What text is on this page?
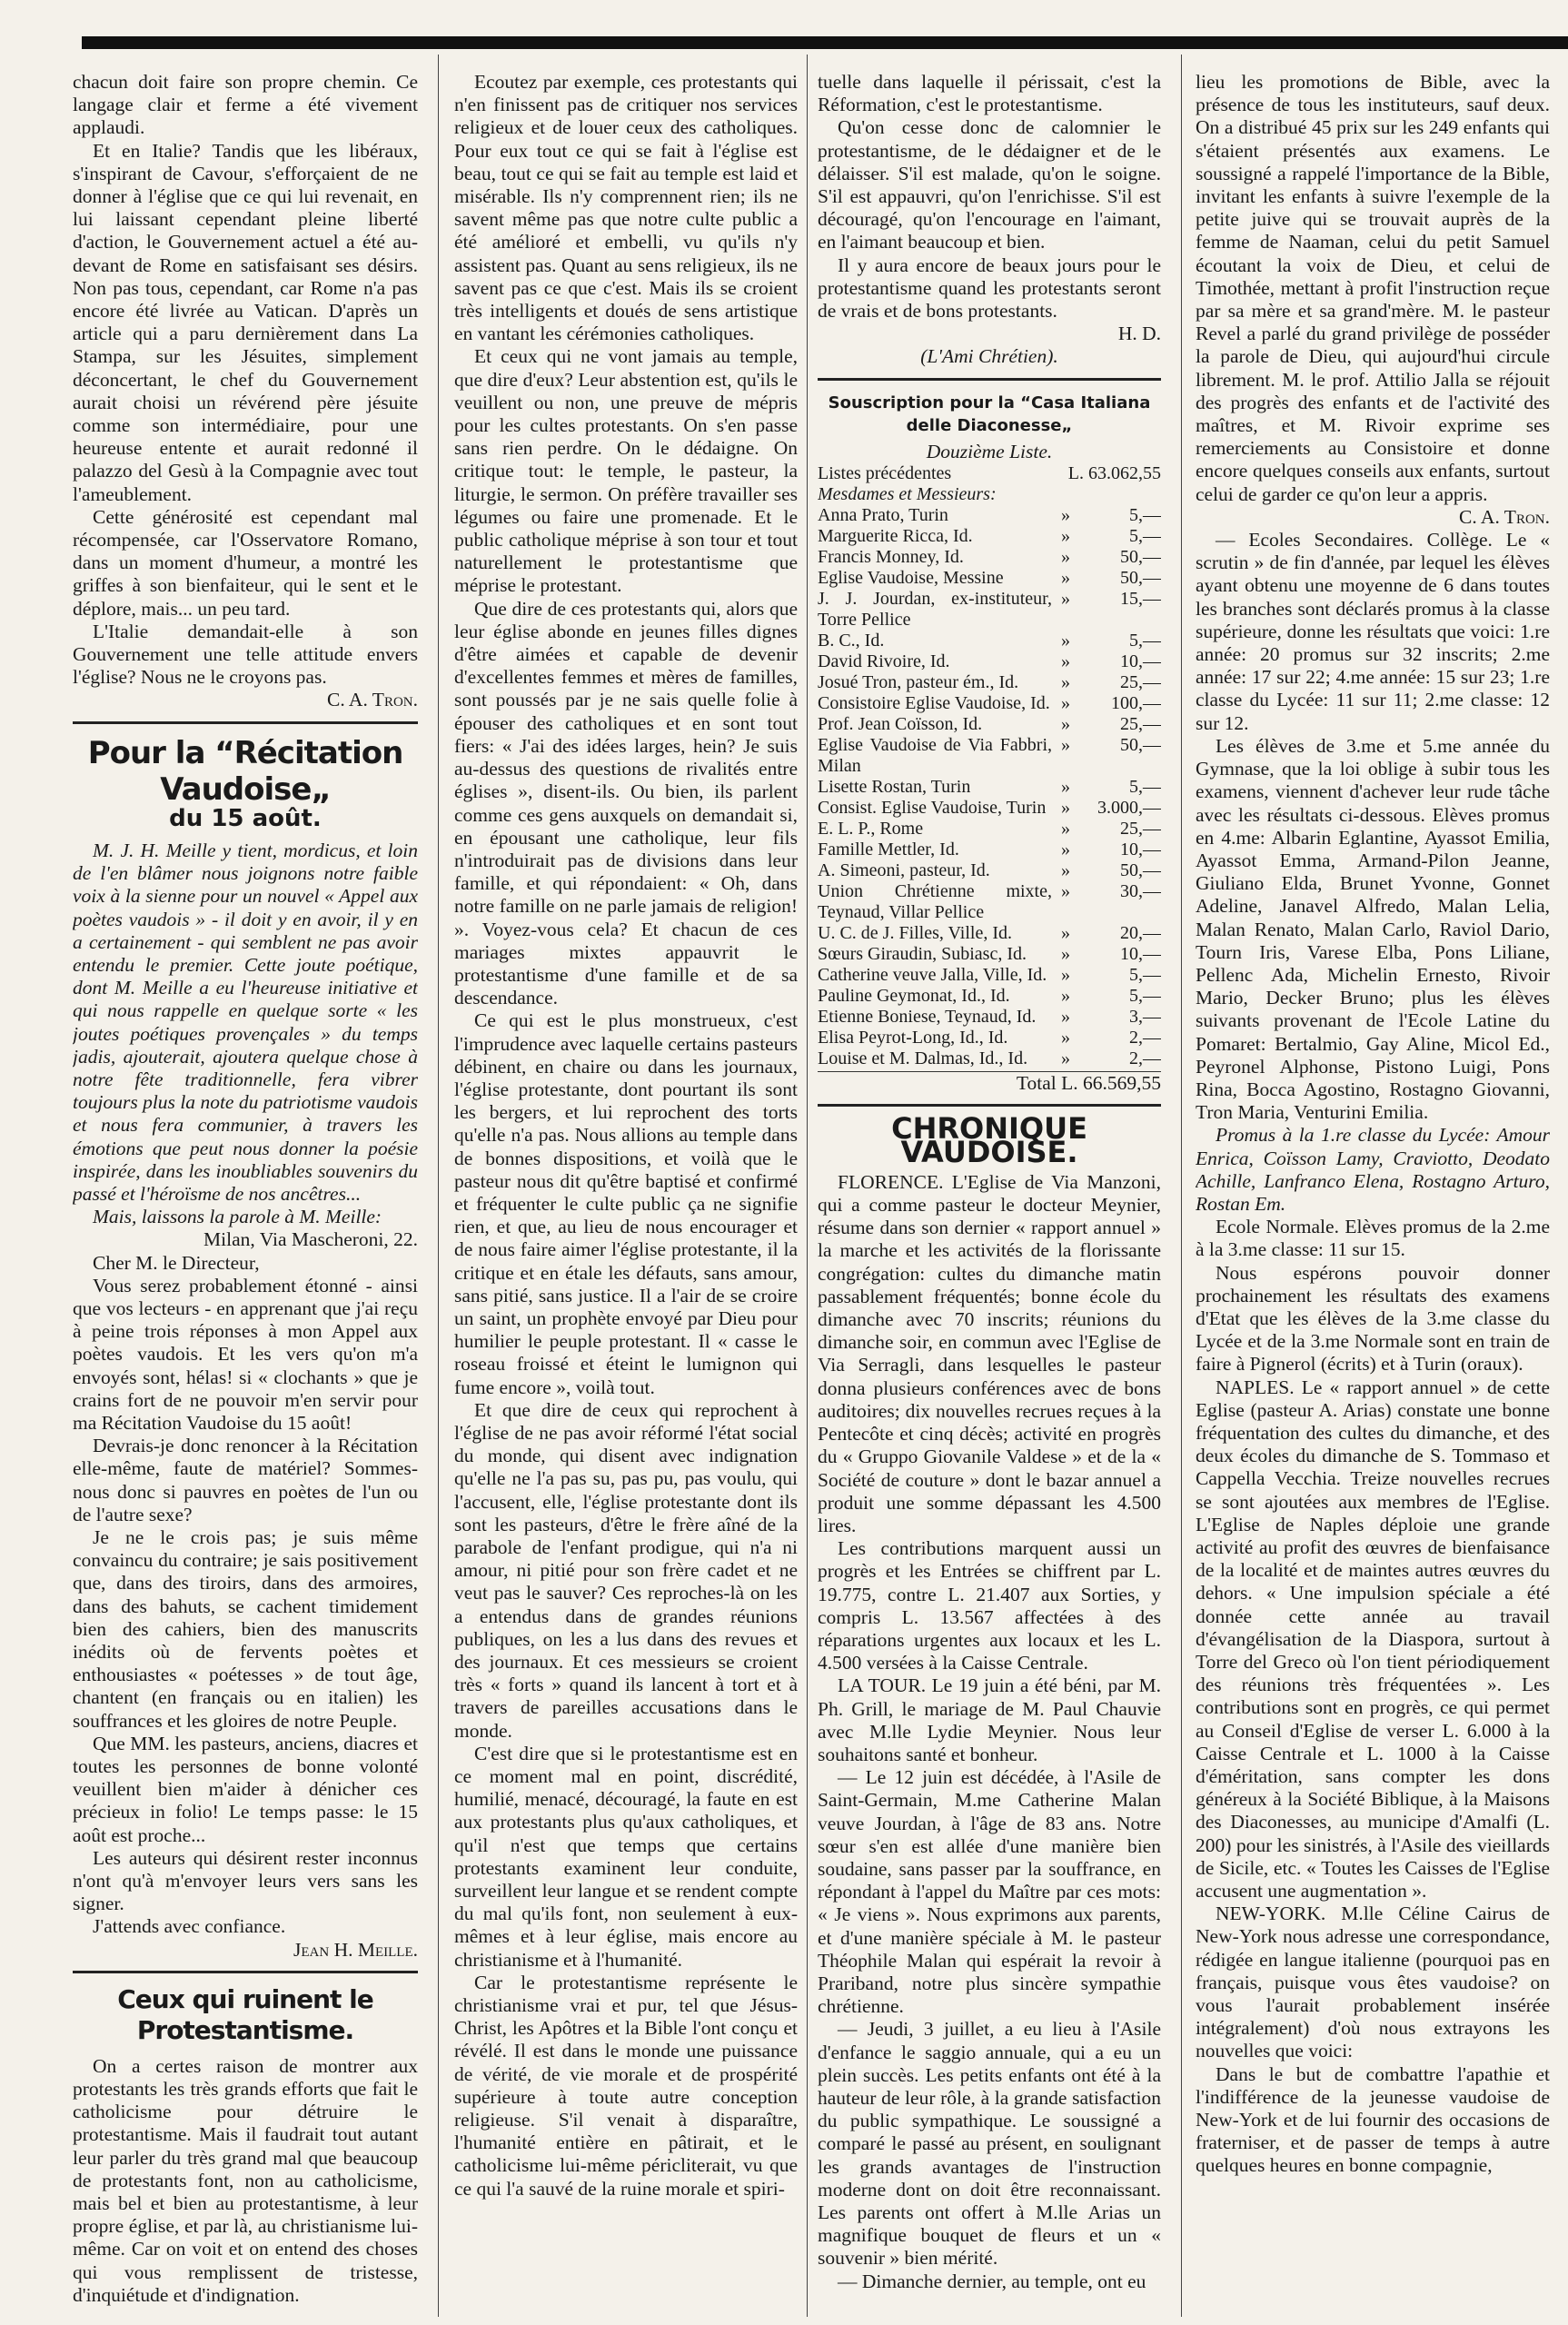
chacun doit faire son propre chemin. Ce langage clair et ferme a été vivement applaudi.

Et en Italie? Tandis que les libéraux, s'inspirant de Cavour, s'efforçaient de ne donner à l'église que ce qui lui revenait, en lui laissant cependant pleine liberté d'action, le Gouvernement actuel a été au-devant de Rome en satisfaisant ses désirs. Non pas tous, cependant, car Rome n'a pas encore été livrée au Vatican. D'après un article qui a paru dernièrement dans La Stampa, sur les Jésuites, simplement déconcertant, le chef du Gouvernement aurait choisi un révérend père jésuite comme son intermédiaire, pour une heureuse entente et aurait redonné il palazzo del Gesù à la Compagnie avec tout l'ameublement.

Cette générosité est cependant mal récompensée, car l'Osservatore Romano, dans un moment d'humeur, a montré les griffes à son bienfaiteur, qui le sent et le déplore, mais... un peu tard.

L'Italie demandait-elle à son Gouvernement une telle attitude envers l'église? Nous ne le croyons pas.

C. A. Tron.
Pour la “Récitation Vaudoise„
du 15 août.

M. J. H. Meille y tient, mordicus, et loin de l'en blâmer nous joignons notre faible voix à la sienne pour un nouvel « Appel aux poètes vaudois » - il doit y en avoir, il y en a certainement - qui semblent ne pas avoir entendu le premier. Cette joute poétique, dont M. Meille a eu l'heureuse initiative et qui nous rappelle en quelque sorte « les joutes poétiques provençales » du temps jadis, ajouterait, ajoutera quelque chose à notre fête traditionnelle, fera vibrer toujours plus la note du patriotisme vaudois et nous fera communier, à travers les émotions que peut nous donner la poésie inspirée, dans les inoubliables souvenirs du passé et l'héroïsme de nos ancêtres...

Mais, laissons la parole à M. Meille:

Milan, Via Mascheroni, 22.

Cher M. le Directeur,

Vous serez probablement étonné - ainsi que vos lecteurs - en apprenant que j'ai reçu à peine trois réponses à mon Appel aux poètes vaudois. Et les vers qu'on m'a envoyés sont, hélas! si « clochants » que je crains fort de ne pouvoir m'en servir pour ma Récitation Vaudoise du 15 août!

Devrais-je donc renoncer à la Récitation elle-même, faute de matériel? Sommes-nous donc si pauvres en poètes de l'un ou de l'autre sexe?

Je ne le crois pas; je suis même convaincu du contraire; je sais positivement que, dans des tiroirs, dans des armoires, dans des bahuts, se cachent timidement bien des cahiers, bien des manuscrits inédits où de fervents poètes et enthousiastes « poétesses » de tout âge, chantent (en français ou en italien) les souffrances et les gloires de notre Peuple.

Que MM. les pasteurs, anciens, diacres et toutes les personnes de bonne volonté veuillent bien m'aider à dénicher ces précieux in folio! Le temps passe: le 15 août est proche...

Les auteurs qui désirent rester inconnus n'ont qu'à m'envoyer leurs vers sans les signer.

J'attends avec confiance.

Jean H. Meille.
Ceux qui ruinent le Protestantisme.

On a certes raison de montrer aux protestants les très grands efforts que fait le catholicisme pour détruire le protestantisme. Mais il faudrait tout autant leur parler du très grand mal que beaucoup de protestants font, non au catholicisme, mais bel et bien au protestantisme, à leur propre église, et par là, au christianisme lui-même. Car on voit et on entend des choses qui vous remplissent de tristesse, d'inquiétude et d'indignation.

Ecoutez par exemple, ces protestants qui n'en finissent pas de critiquer nos services religieux et de louer ceux des catholiques. Pour eux tout ce qui se fait à l'église est beau, tout ce qui se fait au temple est laid et misérable. Ils n'y comprennent rien; ils ne savent même pas que notre culte public a été amélioré et embelli, vu qu'ils n'y assistent pas. Quant au sens religieux, ils ne savent pas ce que c'est. Mais ils se croient très intelligents et doués de sens artistique en vantant les cérémonies catholiques.

Et ceux qui ne vont jamais au temple, que dire d'eux? Leur abstention est, qu'ils le veuillent ou non, une preuve de mépris pour les cultes protestants. On s'en passe sans rien perdre. On le dédaigne. On critique tout: le temple, le pasteur, la liturgie, le sermon. On préfère travailler ses légumes ou faire une promenade. Et le public catholique méprise à son tour et tout naturellement le protestantisme que méprise le protestant.

Que dire de ces protestants qui, alors que leur église abonde en jeunes filles dignes d'être aimées et capable de devenir d'excellentes femmes et mères de familles, sont poussés par je ne sais quelle folie à épouser des catholiques et en sont tout fiers: « J'ai des idées larges, hein? Je suis au-dessus des questions de rivalités entre églises », disent-ils. Ou bien, ils parlent comme ces gens auxquels on demandait si, en épousant une catholique, leur fils n'introduirait pas de divisions dans leur famille, et qui répondaient: « Oh, dans notre famille on ne parle jamais de religion! ». Voyez-vous cela? Et chacun de ces mariages mixtes appauvrit le protestantisme d'une famille et de sa descendance.

Ce qui est le plus monstrueux, c'est l'imprudence avec laquelle certains pasteurs débinent, en chaire ou dans les journaux, l'église protestante, dont pourtant ils sont les bergers, et lui reprochent des torts qu'elle n'a pas. Nous allions au temple dans de bonnes dispositions, et voilà que le pasteur nous dit qu'être baptisé et confirmé et fréquenter le culte public ça ne signifie rien, et que, au lieu de nous encourager et de nous faire aimer l'église protestante, il la critique et en étale les défauts, sans amour, sans pitié, sans justice. Il a l'air de se croire un saint, un prophète envoyé par Dieu pour humilier le peuple protestant. Il « casse le roseau froissé et éteint le lumignon qui fume encore », voilà tout.

Et que dire de ceux qui reprochent à l'église de ne pas avoir réformé l'état social du monde, qui disent avec indignation qu'elle ne l'a pas su, pas pu, pas voulu, qui l'accusent, elle, l'église protestante dont ils sont les pasteurs, d'être le frère aîné de la parabole de l'enfant prodigue, qui n'a ni amour, ni pitié pour son frère cadet et ne veut pas le sauver? Ces reproches-là on les a entendus dans de grandes réunions publiques, on les a lus dans des revues et des journaux. Et ces messieurs se croient très « forts » quand ils lancent à tort et à travers de pareilles accusations dans le monde.

C'est dire que si le protestantisme est en ce moment mal en point, discrédité, humilié, menacé, découragé, la faute en est aux protestants plus qu'aux catholiques, et qu'il n'est que temps que certains protestants examinent leur conduite, surveillent leur langue et se rendent compte du mal qu'ils font, non seulement à eux-mêmes et à leur église, mais encore au christianisme et à l'humanité.

Car le protestantisme représente le christianisme vrai et pur, tel que Jésus-Christ, les Apôtres et la Bible l'ont conçu et révélé. Il est dans le monde une puissance de vérité, de vie morale et de prospérité supérieure à toute autre conception religieuse. S'il venait à disparaître, l'humanité entière en pâtirait, et le catholicisme lui-même péricliterait, vu que ce qui l'a sauvé de la ruine morale et spiri-

tuelle dans laquelle il périssait, c'est la Réformation, c'est le protestantisme.

Qu'on cesse donc de calomnier le protestantisme, de le dédaigner et de le délaisser. S'il est malade, qu'on le soigne. S'il est appauvri, qu'on l'enrichisse. S'il est découragé, qu'on l'encourage en l'aimant, en l'aimant beaucoup et bien.

Il y aura encore de beaux jours pour le protestantisme quand les protestants seront de vrais et de bons protestants.

H. D.
(L'Ami Chrétien).
Souscription pour la “Casa Italiana delle Diaconesse„
Douzième Liste.
Listes précédentes	L. 63.062,55	
Mesdames et Messieurs:		
Anna Prato, Turin	»	5,—
Marguerite Ricca, Id.	»	5,—
Francis Monney, Id.	»	50,—
Eglise Vaudoise, Messine	»	50,—
J. J. Jourdan, ex-instituteur, Torre Pellice	»	15,—
B. C., Id.	»	5,—
David Rivoire, Id.	»	10,—
Josué Tron, pasteur ém., Id.	»	25,—
Consistoire Eglise Vaudoise, Id.	»	100,—
Prof. Jean Coïsson, Id.	»	25,—
Eglise Vaudoise de Via Fabbri, Milan	»	50,—
Lisette Rostan, Turin	»	5,—
Consist. Eglise Vaudoise, Turin	»	3.000,—
E. L. P., Rome	»	25,—
Famille Mettler, Id.	»	10,—
A. Simeoni, pasteur, Id.	»	50,—
Union Chrétienne mixte, Teynaud, Villar Pellice	»	30,—
U. C. de J. Filles, Ville, Id.	»	20,—
Sœurs Giraudin, Subiasc, Id.	»	10,—
Catherine veuve Jalla, Ville, Id.	»	5,—
Pauline Geymonat, Id., Id.	»	5,—
Etienne Boniese, Teynaud, Id.	»	3,—
Elisa Peyrot-Long, Id., Id.	»	2,—
Louise et M. Dalmas, Id., Id.	»	2,—
Total L. 66.569,55
CHRONIQUE VAUDOISE.

FLORENCE. L'Eglise de Via Manzoni, qui a comme pasteur le docteur Meynier, résume dans son dernier « rapport annuel » la marche et les activités de la florissante congrégation: cultes du dimanche matin passablement fréquentés; bonne école du dimanche avec 70 inscrits; réunions du dimanche soir, en commun avec l'Eglise de Via Serragli, dans lesquelles le pasteur donna plusieurs conférences avec de bons auditoires; dix nouvelles recrues reçues à la Pentecôte et cinq décès; activité en progrès du « Gruppo Giovanile Valdese » et de la « Société de couture » dont le bazar annuel a produit une somme dépassant les 4.500 lires.

Les contributions marquent aussi un progrès et les Entrées se chiffrent par L. 19.775, contre L. 21.407 aux Sorties, y compris L. 13.567 affectées à des réparations urgentes aux locaux et les L. 4.500 versées à la Caisse Centrale.

LA TOUR. Le 19 juin a été béni, par M. Ph. Grill, le mariage de M. Paul Chauvie avec M.lle Lydie Meynier. Nous leur souhaitons santé et bonheur.

— Le 12 juin est décédée, à l'Asile de Saint-Germain, M.me Catherine Malan veuve Jourdan, à l'âge de 83 ans. Notre sœur s'en est allée d'une manière bien soudaine, sans passer par la souffrance, en répondant à l'appel du Maître par ces mots: « Je viens ». Nous exprimons aux parents, et d'une manière spéciale à M. le pasteur Théophile Malan qui espérait la revoir à Prariband, notre plus sincère sympathie chrétienne.

— Jeudi, 3 juillet, a eu lieu à l'Asile d'enfance le saggio annuale, qui a eu un plein succès. Les petits enfants ont été à la hauteur de leur rôle, à la grande satisfaction du public sympathique. Le soussigné a comparé le passé au présent, en soulignant les grands avantages de l'instruction moderne dont on doit être reconnaissant. Les parents ont offert à M.lle Arias un magnifique bouquet de fleurs et un « souvenir » bien mérité.

— Dimanche dernier, au temple, ont eu

lieu les promotions de Bible, avec la présence de tous les instituteurs, sauf deux. On a distribué 45 prix sur les 249 enfants qui s'étaient présentés aux examens. Le soussigné a rappelé l'importance de la Bible, invitant les enfants à suivre l'exemple de la petite juive qui se trouvait auprès de la femme de Naaman, celui du petit Samuel écoutant la voix de Dieu, et celui de Timothée, mettant à profit l'instruction reçue par sa mère et sa grand'mère. M. le pasteur Revel a parlé du grand privilège de posséder la parole de Dieu, qui aujourd'hui circule librement. M. le prof. Attilio Jalla se réjouit des progrès des enfants et de l'activité des maîtres, et M. Rivoir exprime ses remerciements au Consistoire et donne encore quelques conseils aux enfants, surtout celui de garder ce qu'on leur a appris.

C. A. Tron.

— Ecoles Secondaires. Collège. Le « scrutin » de fin d'année, par lequel les élèves ayant obtenu une moyenne de 6 dans toutes les branches sont déclarés promus à la classe supérieure, donne les résultats que voici: 1.re année: 20 promus sur 32 inscrits; 2.me année: 17 sur 22; 4.me année: 15 sur 23; 1.re classe du Lycée: 11 sur 11; 2.me classe: 12 sur 12.

Les élèves de 3.me et 5.me année du Gymnase, que la loi oblige à subir tous les examens, viennent d'achever leur rude tâche avec les résultats ci-dessous. Elèves promus en 4.me: Albarin Eglantine, Ayassot Emilia, Ayassot Emma, Armand-Pilon Jeanne, Giuliano Elda, Brunet Yvonne, Gonnet Adeline, Janavel Alfredo, Malan Lelia, Malan Renato, Malan Carlo, Raviol Dario, Tourn Iris, Varese Elba, Pons Liliane, Pellenc Ada, Michelin Ernesto, Rivoir Mario, Decker Bruno; plus les élèves suivants provenant de l'Ecole Latine du Pomaret: Bertalmio, Gay Aline, Micol Ed., Peyronel Alphonse, Pistono Luigi, Pons Rina, Bocca Agostino, Rostagno Giovanni, Tron Maria, Venturini Emilia.

Promus à la 1.re classe du Lycée: Amour Enrica, Coïsson Lamy, Craviotto, Deodato Achille, Lanfranco Elena, Rostagno Arturo, Rostan Em.

Ecole Normale. Elèves promus de la 2.me à la 3.me classe: 11 sur 15.

Nous espérons pouvoir donner prochainement les résultats des examens d'Etat que les élèves de la 3.me classe du Lycée et de la 3.me Normale sont en train de faire à Pignerol (écrits) et à Turin (oraux).

NAPLES. Le « rapport annuel » de cette Eglise (pasteur A. Arias) constate une bonne fréquentation des cultes du dimanche, et des deux écoles du dimanche de S. Tommaso et Cappella Vecchia. Treize nouvelles recrues se sont ajoutées aux membres de l'Eglise. L'Eglise de Naples déploie une grande activité au profit des œuvres de bienfaisance de la localité et de maintes autres œuvres du dehors. « Une impulsion spéciale a été donnée cette année au travail d'évangélisation de la Diaspora, surtout à Torre del Greco où l'on tient périodiquement des réunions très fréquentées ». Les contributions sont en progrès, ce qui permet au Conseil d'Eglise de verser L. 6.000 à la Caisse Centrale et L. 1000 à la Caisse d'éméritation, sans compter les dons généreux à la Société Biblique, à la Maisons des Diaconesses, au municipe d'Amalfi (L. 200) pour les sinistrés, à l'Asile des vieillards de Sicile, etc. « Toutes les Caisses de l'Eglise accusent une augmentation ».

NEW-YORK. M.lle Céline Cairus de New-York nous adresse une correspondance, rédigée en langue italienne (pourquoi pas en français, puisque vous êtes vaudoise? on vous l'aurait probablement insérée intégralement) d'où nous extrayons les nouvelles que voici:

Dans le but de combattre l'apathie et l'indifférence de la jeunesse vaudoise de New-York et de lui fournir des occasions de fraterniser, et de passer de temps à autre quelques heures en bonne compagnie,
